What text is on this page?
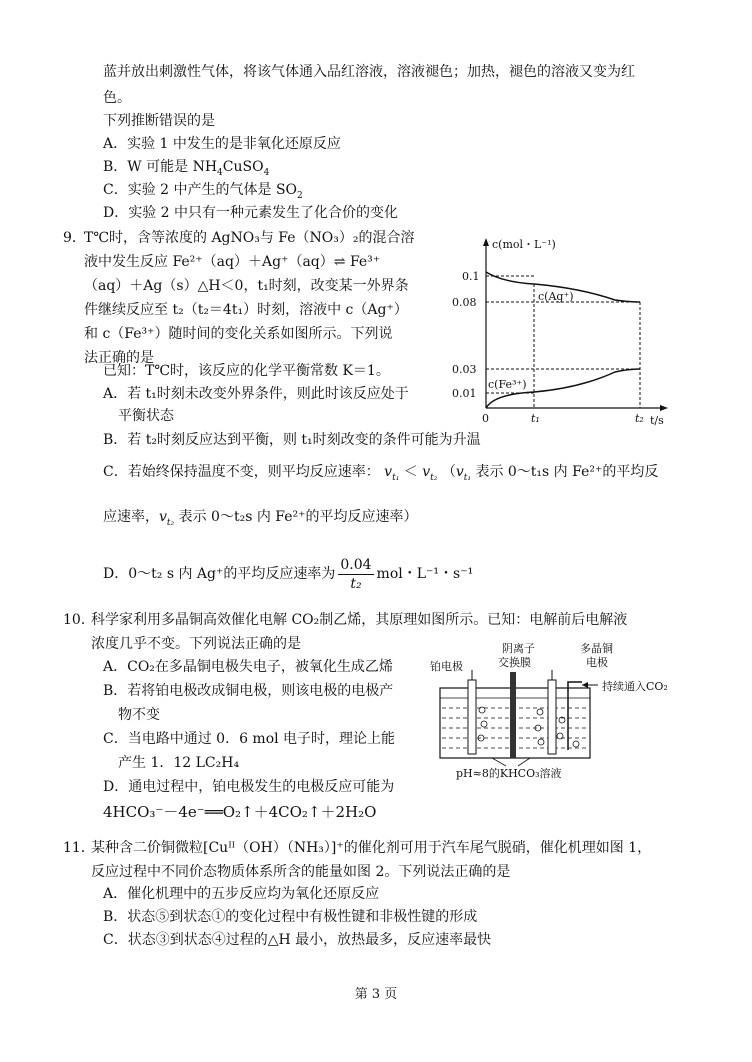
蓝并放出刺激性气体，将该气体通入品红溶液，溶液褪色；加热，褪色的溶液又变为红
色。
下列推断错误的是
A．实验 1 中发生的是非氧化还原反应
B．W 可能是 $NH_4CuSO_4$
C．实验 2 中产生的气体是 $SO_2$
D．实验 2 中只有一种元素发生了化合价的变化
9．
T℃时，含等浓度的 AgNO₃与 Fe（NO₃）₂的混合溶
液中发生反应 Fe²⁺（aq）＋Ag⁺（aq）⇌ Fe³⁺
（aq）＋Ag（s）△H＜0，t₁时刻，改变某一外界条
件继续反应至 t₂（t₂＝4t₁）时刻，溶液中 c（Ag⁺）
和 c（Fe³⁺）随时间的变化关系如图所示。下列说
法正确的是
已知：T℃时，该反应的化学平衡常数 K＝1。
A．若 t₁时刻未改变外界条件，则此时该反应处于
平衡状态
B．若 t₂时刻反应达到平衡，则 t₁时刻改变的条件可能为升温
C．若始终保持温度不变，则平均反应速率： $v_{t_1} < v_{t_2}$ （$v_{t_1}$ 表示 0～t₁s 内 Fe²⁺的平均反
应速率，$v_{t_2}$ 表示 0～t₂s 内 Fe²⁺的平均反应速率）
D．0～t₂ s 内 Ag⁺的平均反应速率为 $\frac{0.04}{\text{t₂}}$ mol・L⁻¹・s⁻¹
c(mol・L⁻¹)
t/s
0.1
0.08
0.03
0.01
0	t₁	t₂
c(Ag⁺)
c(Fe³⁺)
10．
科学家利用多晶铜高效催化电解 CO₂制乙烯，其原理如图所示。已知：电解前后电解液
浓度几乎不变。下列说法正确的是
A．CO₂在多晶铜电极失电子，被氧化生成乙烯
B．若将铂电极改成铜电极，则该电极的电极产
物不变
C．当电路中通过 0．6 mol 电子时，理论上能
产生 1．12 LC₂H₄
D．通电过程中，铂电极发生的电极反应可能为
4HCO₃⁻－4e⁻══O₂↑＋4CO₂↑＋2H₂O
阴离子
交换膜
多晶铜
电极
铂电极
持续通入CO₂
pH≈8的KHCO₃溶液
11．
某种含二价铜微粒[Cuᴵᴵ（OH）（NH₃）]⁺的催化剂可用于汽车尾气脱硝，催化机理如图 1，
反应过程中不同价态物质体系所含的能量如图 2。下列说法正确的是
A．催化机理中的五步反应均为氧化还原反应
B．状态⑤到状态①的变化过程中有极性键和非极性键的形成
C．状态③到状态④过程的△H 最小，放热最多，反应速率最快
第 3 页
